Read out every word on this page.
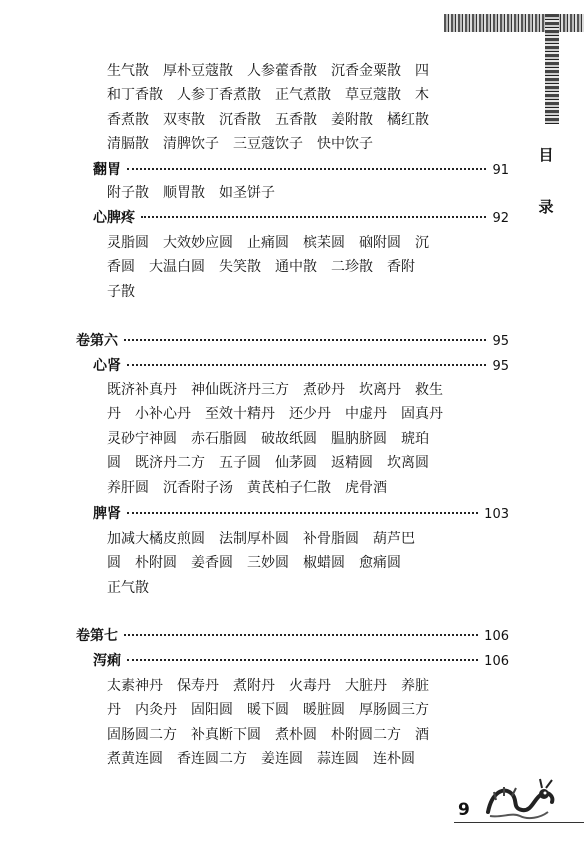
目
录
生气散　厚朴豆蔻散　人参藿香散　沉香金粟散　四
和丁香散　人参丁香煮散　正气煮散　草豆蔻散　木
香煮散　双枣散　沉香散　五香散　姜附散　橘红散
清膈散　清脾饮子　三豆蔻饮子　快中饮子
翻胃	91
附子散　顺胃散　如圣饼子
心脾疼	92
灵脂圆　大效妙应圆　止痛圆　槟苿圆　硇附圆　沉
香圆　大温白圆　失笑散　通中散　二珍散　香附
子散
卷第六	95
心肾	95
既济补真丹　神仙既济丹三方　煮砂丹　坎离丹　救生
丹　小补心丹　至效十精丹　还少丹　中虚丹　固真丹
灵砂宁神圆　赤石脂圆　破故纸圆　腽肭脐圆　琥珀
圆　既济丹二方　五子圆　仙茅圆　返精圆　坎离圆
养肝圆　沉香附子汤　黄芪柏子仁散　虎骨酒
脾肾	103
加减大橘皮煎圆　法制厚朴圆　补骨脂圆　葫芦巴
圆　朴附圆　姜香圆　三妙圆　椒蜡圆　愈痛圆
正气散
卷第七	106
泻痢	106
太素神丹　保寿丹　煮附丹　火毒丹　大脏丹　养脏
丹　内灸丹　固阳圆　暖下圆　暖脏圆　厚肠圆三方
固肠圆二方　补真断下圆　煮朴圆　朴附圆二方　酒
煮黄连圆　香连圆二方　姜连圆　蒜连圆　连朴圆
9
